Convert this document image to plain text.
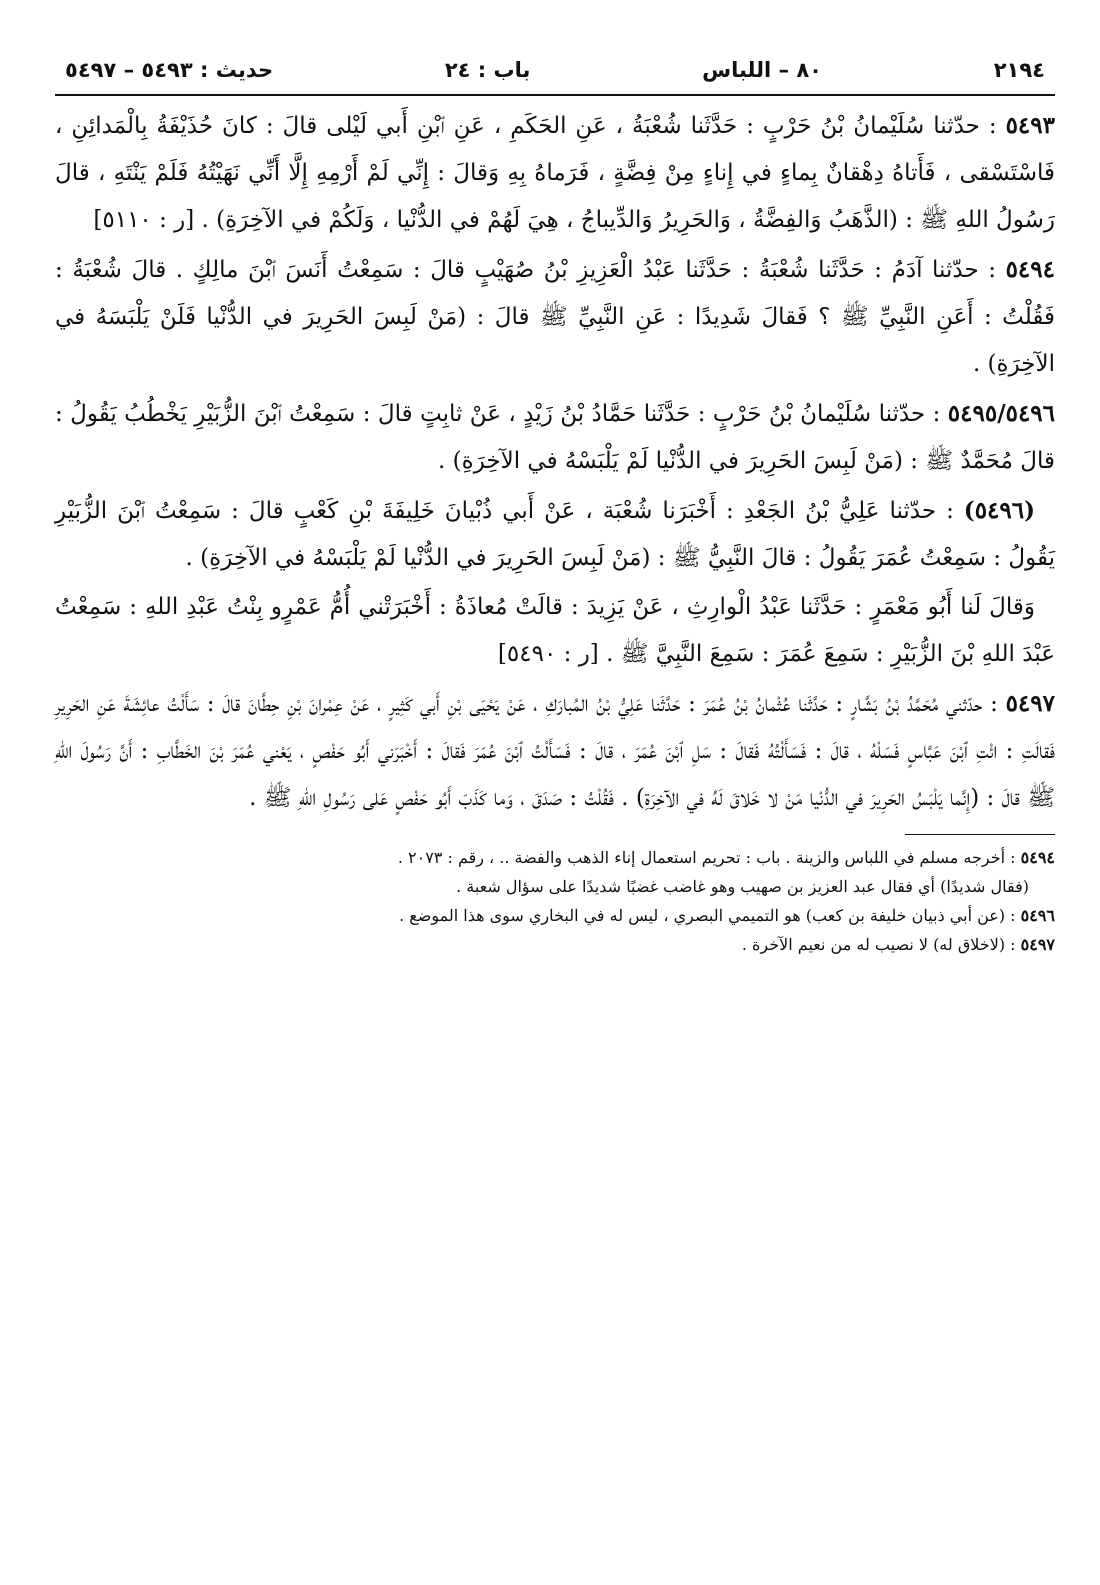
٢١٩٤
٨٠ – اللباس
باب : ٢٤
حديث : ٥٤٩٣ – ٥٤٩٧

٥٤٩٣ : حدّثنا سُلَيْمانُ بْنُ حَرْبٍ : حَدَّثَنا شُعْبَةُ ، عَنِ الحَكَمِ ، عَنِ ٱبْنِ أَبي لَيْلى قالَ : كانَ حُذَيْفَةُ بِالْمَدائِنِ ، فَاسْتَسْقى ، فَأَتاهُ دِهْقانٌ بِماءٍ في إِناءٍ مِنْ فِضَّةٍ ، فَرَماهُ بِهِ وَقالَ : إِنِّي لَمْ أَرْمِهِ إِلَّا أَنِّي نَهَيْتُهُ فَلَمْ يَنْتَهِ ، قالَ رَسُولُ اللهِ ﷺ : (الذَّهَبُ وَالفِضَّةُ ، وَالحَرِيرُ وَالدِّيباجُ ، هِيَ لَهُمْ في الدُّنْيا ، وَلَكُمْ في الآخِرَةِ) . [ر : ٥١١٠]

٥٤٩٤ : حدّثنا آدَمُ : حَدَّثَنا شُعْبَةُ : حَدَّثَنا عَبْدُ الْعَزِيزِ بْنُ صُهَيْبٍ قالَ : سَمِعْتُ أَنَسَ ٱبْنَ مالِكٍ . قالَ شُعْبَةُ : فَقُلْتُ : أَعَنِ النَّبِيِّ ﷺ ؟ فَقالَ شَدِيدًا : عَنِ النَّبِيِّ ﷺ قالَ : (مَنْ لَبِسَ الحَرِيرَ في الدُّنْيا فَلَنْ يَلْبَسَهُ في الآخِرَةِ) .

٥٤٩٥/٥٤٩٦ : حدّثنا سُلَيْمانُ بْنُ حَرْبٍ : حَدَّثَنا حَمَّادُ بْنُ زَيْدٍ ، عَنْ ثابِتٍ قالَ : سَمِعْتُ ٱبْنَ الزُّبَيْرِ يَخْطُبُ يَقُولُ : قالَ مُحَمَّدٌ ﷺ : (مَنْ لَبِسَ الحَرِيرَ في الدُّنْيا لَمْ يَلْبَسْهُ في الآخِرَةِ) .

(٥٤٩٦) : حدّثنا عَلِيُّ بْنُ الجَعْدِ : أَخْبَرَنا شُعْبَة ، عَنْ أَبي ذُبْيانَ خَلِيفَةَ بْنِ كَعْبٍ قالَ : سَمِعْتُ ٱبْنَ الزُّبَيْرِ يَقُولُ : سَمِعْتُ عُمَرَ يَقُولُ : قالَ النَّبِيُّ ﷺ : (مَنْ لَبِسَ الحَرِيرَ في الدُّنْيا لَمْ يَلْبَسْهُ في الآخِرَةِ) .

وَقالَ لَنا أَبُو مَعْمَرٍ : حَدَّثَنا عَبْدُ الْوارِثِ ، عَنْ يَزِيدَ : قالَتْ مُعاذَةُ : أَخْبَرَتْني أُمُّ عَمْرٍو بِنْتُ عَبْدِ اللهِ : سَمِعْتُ عَبْدَ اللهِ بْنَ الزُّبَيْرِ : سَمِعَ عُمَرَ : سَمِعَ النَّبِيَّ ﷺ . [ر : ٥٤٩٠]

٥٤٩٧ : حدّثني مُحَمَّدُ بْنُ بَشَّارٍ : حَدَّثَنا عُثْمانُ بْنُ عُمَرَ : حَدَّثَنا عَلِيُّ بْنُ المُبارَكِ ، عَنْ يَحْيَى بْنِ أَبي كَثِيرٍ ، عَنْ عِمْرانَ بْنِ حِطَّانَ قالَ : سَأَلْتُ عائِشَةَ عَنِ الحَرِيرِ فَقالَتِ : ائْتِ ٱبْنَ عَبَّاسٍ فَسَلْهُ ، قالَ : فَسَأَلْتُهُ فَقالَ : سَلِ ٱبْنَ عُمَرَ ، قالَ : فَسَأَلْتُ ٱبْنَ عُمَرَ فَقالَ : أَخْبَرَني أَبُو حَفْصٍ ، يَعْني عُمَرَ بْنَ الخَطَّابِ : أَنَّ رَسُولَ اللهِ ﷺ قالَ : (إِنَّما يَلْبَسُ الحَرِيرَ في الدُّنْيا مَنْ لا خَلاقَ لَهُ في الآخِرَةِ) . فَقُلْتُ : صَدَقَ ، وَما كَذَبَ أَبُو حَفْصٍ عَلى رَسُولِ اللهِ ﷺ .

٥٤٩٤ : أخرجه مسلم في اللباس والزينة . باب : تحريم استعمال إناء الذهب والفضة .. ، رقم : ٢٠٧٣ .

(فقال شديدًا) أي فقال عبد العزيز بن صهيب وهو غاضب غضبًا شديدًا على سؤال شعبة .

٥٤٩٦ : (عن أبي ذبيان خليفة بن كعب) هو التميمي البصري ، ليس له في البخاري سوى هذا الموضع .

٥٤٩٧ : (لاخلاق له) لا نصيب له من نعيم الآخرة .
